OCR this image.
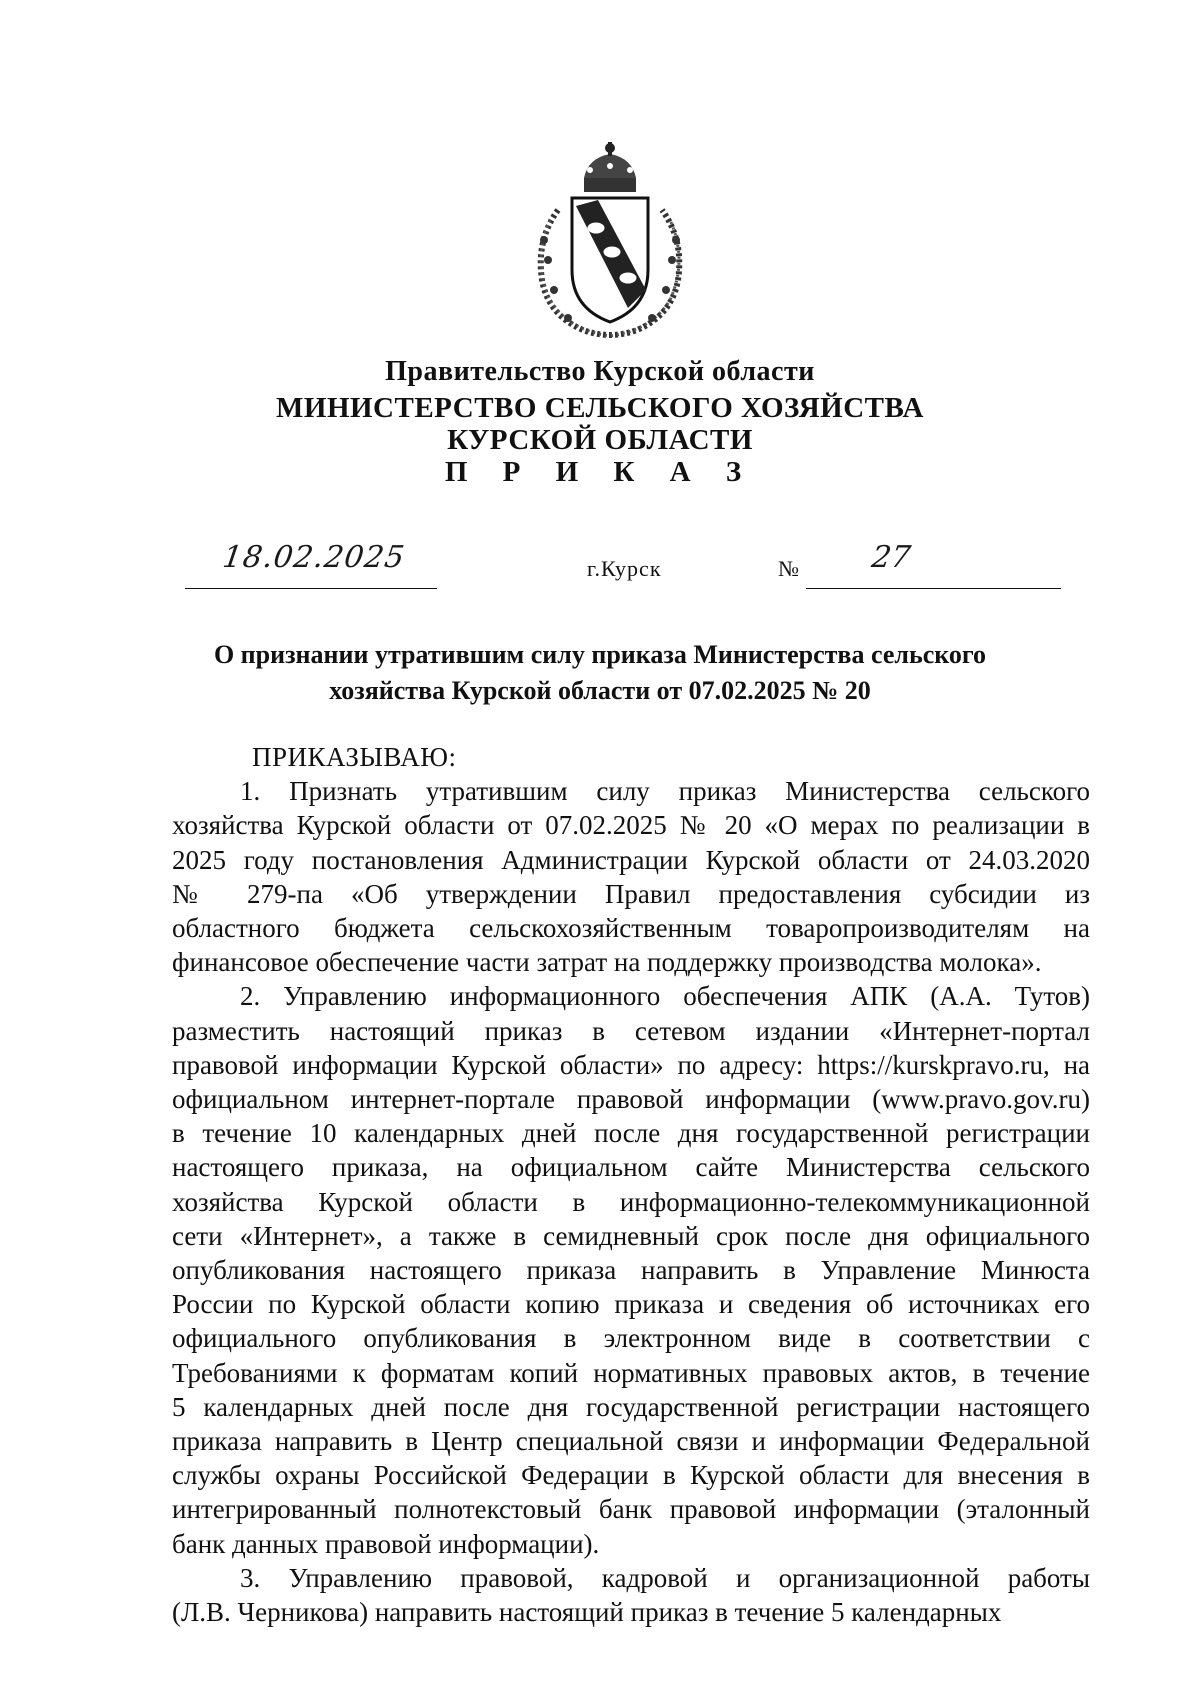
Правительство Курской области
МИНИСТЕРСТВО СЕЛЬСКОГО ХОЗЯЙСТВА
КУРСКОЙ ОБЛАСТИ
П Р И К А З
18.02.2025	г.Курск	№ 27
О признании утратившим силу приказа Министерства сельского
хозяйства Курской области от 07.02.2025 № 20
ПРИКАЗЫВАЮ:
1. Признать утратившим силу приказ Министерства сельского
хозяйства Курской области от 07.02.2025 № 20 «О мерах по реализации в
2025 году постановления Администрации Курской области от 24.03.2020
№ 279-па «Об утверждении Правил предоставления субсидии из
областного бюджета сельскохозяйственным товаропроизводителям на
финансовое обеспечение части затрат на поддержку производства молока».
2. Управлению информационного обеспечения АПК (А.А. Тутов)
разместить настоящий приказ в сетевом издании «Интернет-портал
правовой информации Курской области» по адресу: https://kurskpravo.ru, на
официальном интернет-портале правовой информации (www.pravo.gov.ru)
в течение 10 календарных дней после дня государственной регистрации
настоящего приказа, на официальном сайте Министерства сельского
хозяйства Курской области в информационно-телекоммуникационной
сети «Интернет», а также в семидневный срок после дня официального
опубликования настоящего приказа направить в Управление Минюста
России по Курской области копию приказа и сведения об источниках его
официального опубликования в электронном виде в соответствии с
Требованиями к форматам копий нормативных правовых актов, в течение
5 календарных дней после дня государственной регистрации настоящего
приказа направить в Центр специальной связи и информации Федеральной
службы охраны Российской Федерации в Курской области для внесения в
интегрированный полнотекстовый банк правовой информации (эталонный
банк данных правовой информации).
3. Управлению правовой, кадровой и организационной работы
(Л.В. Черникова) направить настоящий приказ в течение 5 календарных
